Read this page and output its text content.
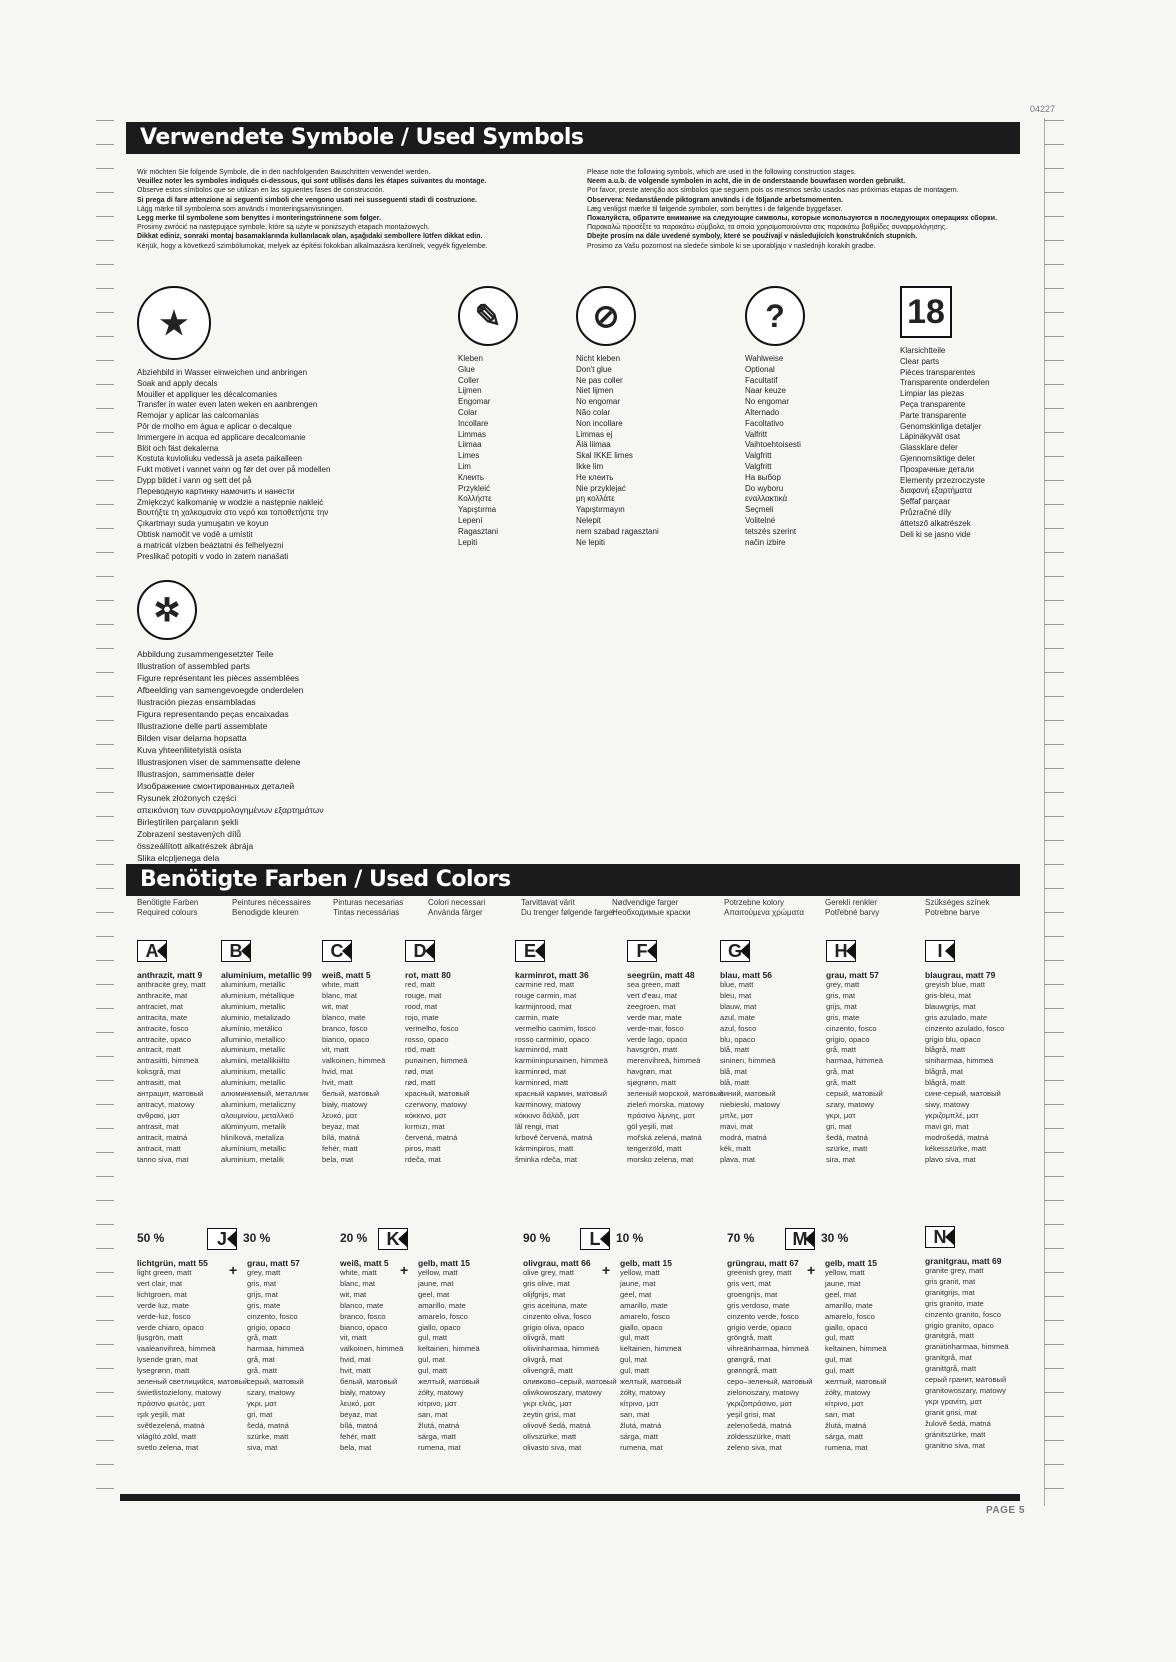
04227
Verwendete Symbole / Used Symbols
Wir möchten Sie folgende Symbole, die in den nachfolgenden Bauschritten verwendet werden.
Veuillez noter les symboles indiqués ci-dessous, qui sont utilisés dans les étapes suivantes du montage.
Observe estos símbolos que se utilizan en las siguientes fases de construcción.
Si prega di fare attenzione ai seguenti simboli che vengono usati nei susseguenti stadi di costruzione.
Lägg märke till symbolerna som används i monteringsanvisningen.
Legg merke til symbolene som benyttes i monteringstrinnene som følger.
Prosimy zwrócić na następujące symbole, które są użyte w poniższych etapach montażowych.
Dikkat ediniz, sonraki montaj basamaklarında kullanılacak olan, aşağıdaki sembollere lütfen dikkat edin.
Kérjük, hogy a következő szimbólumokat, melyek az építési fokokban alkalmazásra kerülnek, vegyék figyelembe.
Please note the following symbols, which are used in the following construction stages.
Neem a.u.b. de volgende symbolen in acht, die in de onderstaande bouwfasen worden gebruikt.
Por favor, preste atenção aos símbolos que seguem pois os mesmos serão usados nas próximas etapas de montagem.
Observera: Nedanstående piktogram används i de följande arbetsmomenten.
Læg venligst mærke til følgende symboler, som benyttes i de følgende byggefaser.
Пожалуйста, обратите внимание на следующие символы, которые используются в последующих операциях сборки.
Παρακαλώ προσέξτε τα παρακάτω σύμβολα, τα οποία χρησιμοποιούνται στις παρακάτω βαθμίδες συναρμολόγησης.
Dbejte prosím na dále uvedené symboly, které se používají v následujících konstrukčních stupních.
Prosimo za Vašu pozornost na sledeče simbole ki se uporabljajo v naslednjih korakih gradbe.
★
Abziehbild in Wasser einweichen und anbringen
Soak and apply decals
Mouiller et appliquer les décalcomanies
Transfer in water even laten weken en aanbrengen
Remojar y aplicar las calcomanías
Pôr de molho em água e aplicar o decalque
Immergere in acqua ed applicare decalcomanie
Blöt och fäst dekalerna
Kostuta kuvioliuku vedessä ja aseta paikalleen
Fukt motivet i vannet vann og før det over på modellen
Dypp bildet i vann og sett det på
Переводную картинку намочить и нанести
Zmiękczyć kalkomanię w wodzie a następnie nakleić
Βουτήξτε τη χαλκομανία στο νερό και τοποθετήστε την
Çıkartmayı suda yumuşatın ve koyun
Obtisk namočit ve vodě a umístit
a matricát vízben beáztatni és felhelyezni
Preslikač potopiti v vodo in zatem nanašati
✎
Kleben
Glue
Coller
Lijmen
Engomar
Colar
Incollare
Limmas
Liimaa
Limes
Lim
Клеить
Przykleić
Κολλήστε
Yapıştırma
Lepení
Ragasztani
Lepiti
⊘
Nicht kleben
Don't glue
Ne pas coller
Niet lijmen
No engomar
Não colar
Non incollare
Limmas ej
Älä liimaa
Skal IKKE limes
Ikke lim
Не клеить
Nie przyklejać
μη κολλάτε
Yapıştırmayın
Nelepit
nem szabad ragasztani
Ne lepiti
?
Wahlweise
Optional
Facultatif
Naar keuze
No engomar
Alternado
Facoltativo
Valfritt
Vaihtoehtoisesti
Valgfritt
Valgfritt
На выбор
Do wyboru
εναλλακτικά
Seçmeli
Volitelné
tetszés szerint
način izbire
18
Klarsichtteile
Clear parts
Pièces transparentes
Transparente onderdelen
Limpiar las piezas
Peça transparente
Parte transparente
Genomskinliga detaljer
Läpinäkyvät osat
Glassklare deler
Gjennomsiktige deler
Прозрачные детали
Elementy przezroczyste
διαφανή εξαρτήματα
Şeffaf parçaar
Průzračné díly
áttetsző alkatrészek
Deli ki se jasno vide
✲
Abbildung zusammengesetzter Teile
Illustration of assembled parts
Figure représentant les pièces assemblées
Afbeelding van samengevoegde onderdelen
Ilustración piezas ensambladas
Figura representando peças encaixadas
Illustrazione delle parti assemblate
Bilden visar delarna hopsatta
Kuva yhteenliitetyistä osista
Illustrasjonen viser de sammensatte delene
Illustrasjon, sammensatte deler
Изображение смонтированных деталей
Rysunek złożonych części
απεικόνιση των συναρμολογημένων εξαρτημάτων
Birleştirilen parçaların şekli
Zobrazení sestavených dílů
összeállított alkatrészek ábrája
Slika elcpljenega dela
Benötigte Farben / Used Colors
Benötigte Farben
Required colours
Peintures nécessaires
Benodigde kleuren
Pinturas necesarias
Tintas necessárias
Colori necessari
Använda färger
Tarvittavat värit
Du trenger følgende farger
Nødvendige farger
Необходимые краски
Potrzebne kolory
Απαιτούμενα χρώματα
Gerekli renkler
Potřebné barvy
Szükséges színek
Potrebne barve
A
anthrazit, matt 9
anthracite grey, matt
anthracite, mat
antraciet, mat
antracita, mate
antracite, fosco
antracite, opaco
antracit, matt
antrasiitti, himmeä
koksgrå, mat
antrasitt, mat
антрацит, матовый
antracyt, matowy
ανθρακί, ματ
antrasit, mat
antracit, matná
antracit, matt
tanno siva, mat
B
aluminium, metallic 99
aluminium, metallic
aluminium, métallique
aluminium, metallic
aluminio, metalizado
alumínio, metálico
alluminio, metallico
aluminium, metallic
alumiini, metallikiiilto
aluminium, metallic
aluminium, metallic
алюминиевый, металлик
aluminium, metaliczny
αλουμινίου, μεταλλικό
alüminyum, metalik
hliníková, metalíza
alumínium, metallic
aluminium, metalik
C
weiß, matt 5
white, matt
blanc, mat
wit, mat
blanco, mate
branco, fosco
bianco, opaco
vit, matt
valkoinen, himmeä
hvid, mat
hvit, matt
белый, матовый
biały, matowy
λευκό, ματ
beyaz, mat
bílá, matná
fehér, matt
bela, mat
D
rot, matt 80
red, matt
rouge, mat
rood, mat
rojo, mate
vermelho, fosco
rosso, opaco
röd, matt
punainen, himmeä
rød, mat
rød, matt
красный, матовый
czerwony, matowy
κόκκινο, ματ
kırmızı, mat
červená, matná
piros, matt
rdeča, mat
E
karminrot, matt 36
carmine red, matt
rouge carmin, mat
karmijnrood, mat
carmin, mate
vermelho carmim, fosco
rosso carminio, opaco
karminröd, matt
karmiininpunainen, himmeä
karminrød, mat
karminrød, matt
красный кармин, матовый
karminowy, matowy
κόκκινο δάλάδ, ματ
lâl rengi, mat
krbově červená, matná
kárminpiros, matt
šminka rdeča, mat
F
seegrün, matt 48
sea green, matt
vert d'eau, mat
zeegroen, mat
verde mar, mate
verde-mar, fosco
verde lago, opaco
havsgrön, matt
merenvihreä, himmeä
havgrøn, mat
sjøgrønn, matt
зеленый морской, матовый
zieleń morska, matowy
πράσινο λίμνης, ματ
göl yeşili, mat
mořská zelená, matná
tengerzöld, matt
morsko zelena, mat
G
blau, matt 56
blue, matt
bleu, mat
blauw, mat
azul, mate
azul, fosco
blu, opaco
blå, matt
sininen, himmeä
blå, mat
blå, matt
синий, матовый
niebieski, matowy
μπλε, ματ
mavi, mat
modrá, matná
kék, matt
plava, mat
H
grau, matt 57
grey, matt
gris, mat
grijs, mat
gris, mate
cinzento, fosco
grigio, opaco
grå, matt
harmaa, himmeä
grå, mat
grå, matt
серый, матовый
szary, matowy
γκρι, ματ
gri, mat
šedá, matná
szürke, matt
sira, mat
I
blaugrau, matt 79
greyish blue, matt
gris-bleu, mat
blauwgrijs, mat
gris azulado, mate
cinzento azulado, fosco
grigio blu, opaco
blågrå, matt
siniharmaa, himmeä
blågrå, mat
blågrå, matt
сине-серый, матовый
siwy, matowy
γκριζομπλέ, ματ
mavi gri, mat
modrošedá, matná
kékesszürke, matt
plavo siva, mat
50 %
lichtgrün, matt 55
light green, matt
vert clair, mat
lichtgroen, mat
verde luz, mate
verde-luz, fosco
verde chiaro, opaco
ljusgrön, matt
vaaleanvihreä, himmeä
lysende grøn, mat
lysegrønn, matt
зеленый светлицийся, матовый
świetlistozielony, matowy
πράσινο φωτός, ματ
ışık yeşili, mat
světlezelená, matná
világító zöld, matt
svetlo zelena, mat
J 30 %
grau, matt 57
grey, matt
gris, mat
grijs, mat
gris, mate
cinzento, fosco
grigio, opaco
grå, matt
harmaa, himmeä
grå, mat
grå, matt
серый, матовый
szary, matowy
γκρι, ματ
gri, mat
šedá, matná
szürke, matt
siva, mat
+
20 %
weiß, matt 5
white, matt
blanc, mat
wit, mat
blanco, mate
branco, fosco
bianco, opaco
vit, matt
valkoinen, himmeä
hvid, mat
hvit, matt
белый, матовый
biały, matowy
λευκό, ματ
beyaz, mat
bílá, matná
fehér, matt
bela, mat
K
gelb, matt 15
yellow, matt
jaune, mat
geel, mat
amarillo, mate
amarelo, fosco
giallo, opaco
gul, matt
keltainen, himmeä
gul, mat
gul, matt
желтый, матовый
żółty, matowy
κίτρινο, ματ
sarı, mat
žlutá, matná
sárga, matt
rumena, mat
+
90 %
olivgrau, matt 66
olive grey, matt
gris olive, mat
olijfgrijs, mat
gris aceituna, mate
cinzento oliva, fosco
grigio oliva, opaco
olivgrå, matt
oliivinharmaa, himmeä
olivgrå, mat
olivengrå, matt
оливково–серый, матовый
oliwkowoszary, matowy
γκρι ελιάς, ματ
zeytin grisi, mat
olivově šedá, matná
olívszürke, matt
olivasto siva, mat
L 10 %
gelb, matt 15
yellow, matt
jaune, mat
geel, mat
amarillo, mate
amarelo, fosco
giallo, opaco
gul, matt
keltainen, himmeä
gul, mat
gul, matt
желтый, матовый
żółty, matowy
κίτρινο, ματ
sarı, mat
žlutá, matná
sárga, matt
rumena, mat
+
70 %
grüngrau, matt 67
greenish grey, matt
gris vert, mat
groengrijs, mat
gris verdoso, mate
cinzento verde, fosco
grigio verde, opaco
gröngrå, matt
vihreänharmaa, himmeä
grøngrå, mat
grønngrå, matt
серо–зеленый, матовый
zielonoszary, matowy
γκριζοπράσινο, ματ
yeşil grisi, mat
zelenošedá, matná
zöldesszürke, matt
zeleno siva, mat
M 30 %
gelb, matt 15
yellow, matt
jaune, mat
geel, mat
amarillo, mate
amarelo, fosco
giallo, opaco
gul, matt
keltainen, himmeä
gul, mat
gul, matt
желтый, матовый
żółty, matowy
κίτρινο, ματ
sarı, mat
žlutá, matná
sárga, matt
rumena, mat
+
N
granitgrau, matt 69
granite grey, matt
gris granit, mat
granitgrijs, mat
gris granito, mate
cinzento granito, fosco
grigio granito, opaco
granitgrå, matt
graniitinharmaa, himmeä
granitgrå, mat
granittgrå, matt
серый гранит, матовый
granitowoszary, matowy
γκρι γρανίτη, ματ
granit grisi, mat
žulově šedá, matná
gránitszürke, matt
granitno siva, mat
PAGE 5
